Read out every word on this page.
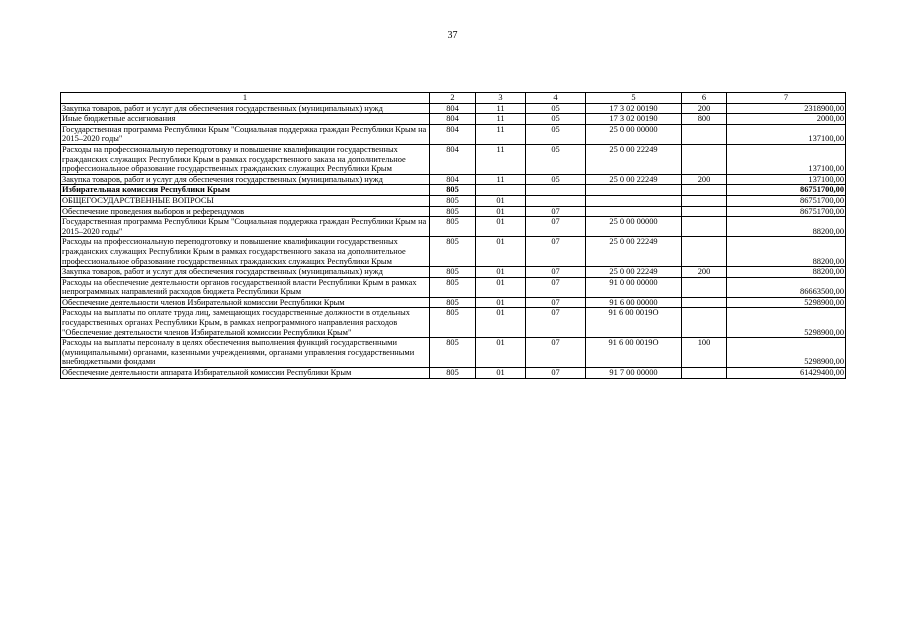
37
1	2	3	4	5	6	7
Закупка товаров, работ и услуг для обеспечения государственных (муниципальных) нужд	804	11	05	17 3 02 00190	200	2318900,00
Иные бюджетные ассигнования	804	11	05	17 3 02 00190	800	2000,00
Государственная программа Республики Крым "Социальная поддержка граждан Республики Крым на 2015–2020 годы"	804	11	05	25 0 00 00000		137100,00
Расходы на профессиональную переподготовку и повышение квалификации государственных гражданских служащих Республики Крым в рамках государственного заказа на дополнительное профессиональное образование государственных гражданских служащих Республики Крым	804	11	05	25 0 00 22249		137100,00
Закупка товаров, работ и услуг для обеспечения государственных (муниципальных) нужд	804	11	05	25 0 00 22249	200	137100,00
Избирательная комиссия Республики Крым	805					86751700,00
ОБЩЕГОСУДАРСТВЕННЫЕ ВОПРОСЫ	805	01				86751700,00
Обеспечение проведения выборов и референдумов	805	01	07			86751700,00
Государственная программа Республики Крым "Социальная поддержка граждан Республики Крым на 2015–2020 годы"	805	01	07	25 0 00 00000		88200,00
Расходы на профессиональную переподготовку и повышение квалификации государственных гражданских служащих Республики Крым в рамках государственного заказа на дополнительное профессиональное образование государственных гражданских служащих Республики Крым	805	01	07	25 0 00 22249		88200,00
Закупка товаров, работ и услуг для обеспечения государственных (муниципальных) нужд	805	01	07	25 0 00 22249	200	88200,00
Расходы на обеспечение деятельности органов государственной власти Республики Крым в рамках непрограммных направлений расходов бюджета Республики Крым	805	01	07	91 0 00 00000		86663500,00
Обеспечение деятельности членов Избирательной комиссии Республики Крым	805	01	07	91 6 00 00000		5298900,00
Расходы на выплаты по оплате труда лиц, замещающих государственные должности в отдельных государственных органах Республики Крым, в рамках непрограммного направления расходов "Обеспечение деятельности членов Избирательной комиссии Республики Крым"	805	01	07	91 6 00 0019О		5298900,00
Расходы на выплаты персоналу в целях обеспечения выполнения функций государственными (муниципальными) органами, казенными учреждениями, органами управления государственными внебюджетными фондами	805	01	07	91 6 00 0019О	100	5298900,00
Обеспечение деятельности аппарата Избирательной комиссии Республики Крым	805	01	07	91 7 00 00000		61429400,00
